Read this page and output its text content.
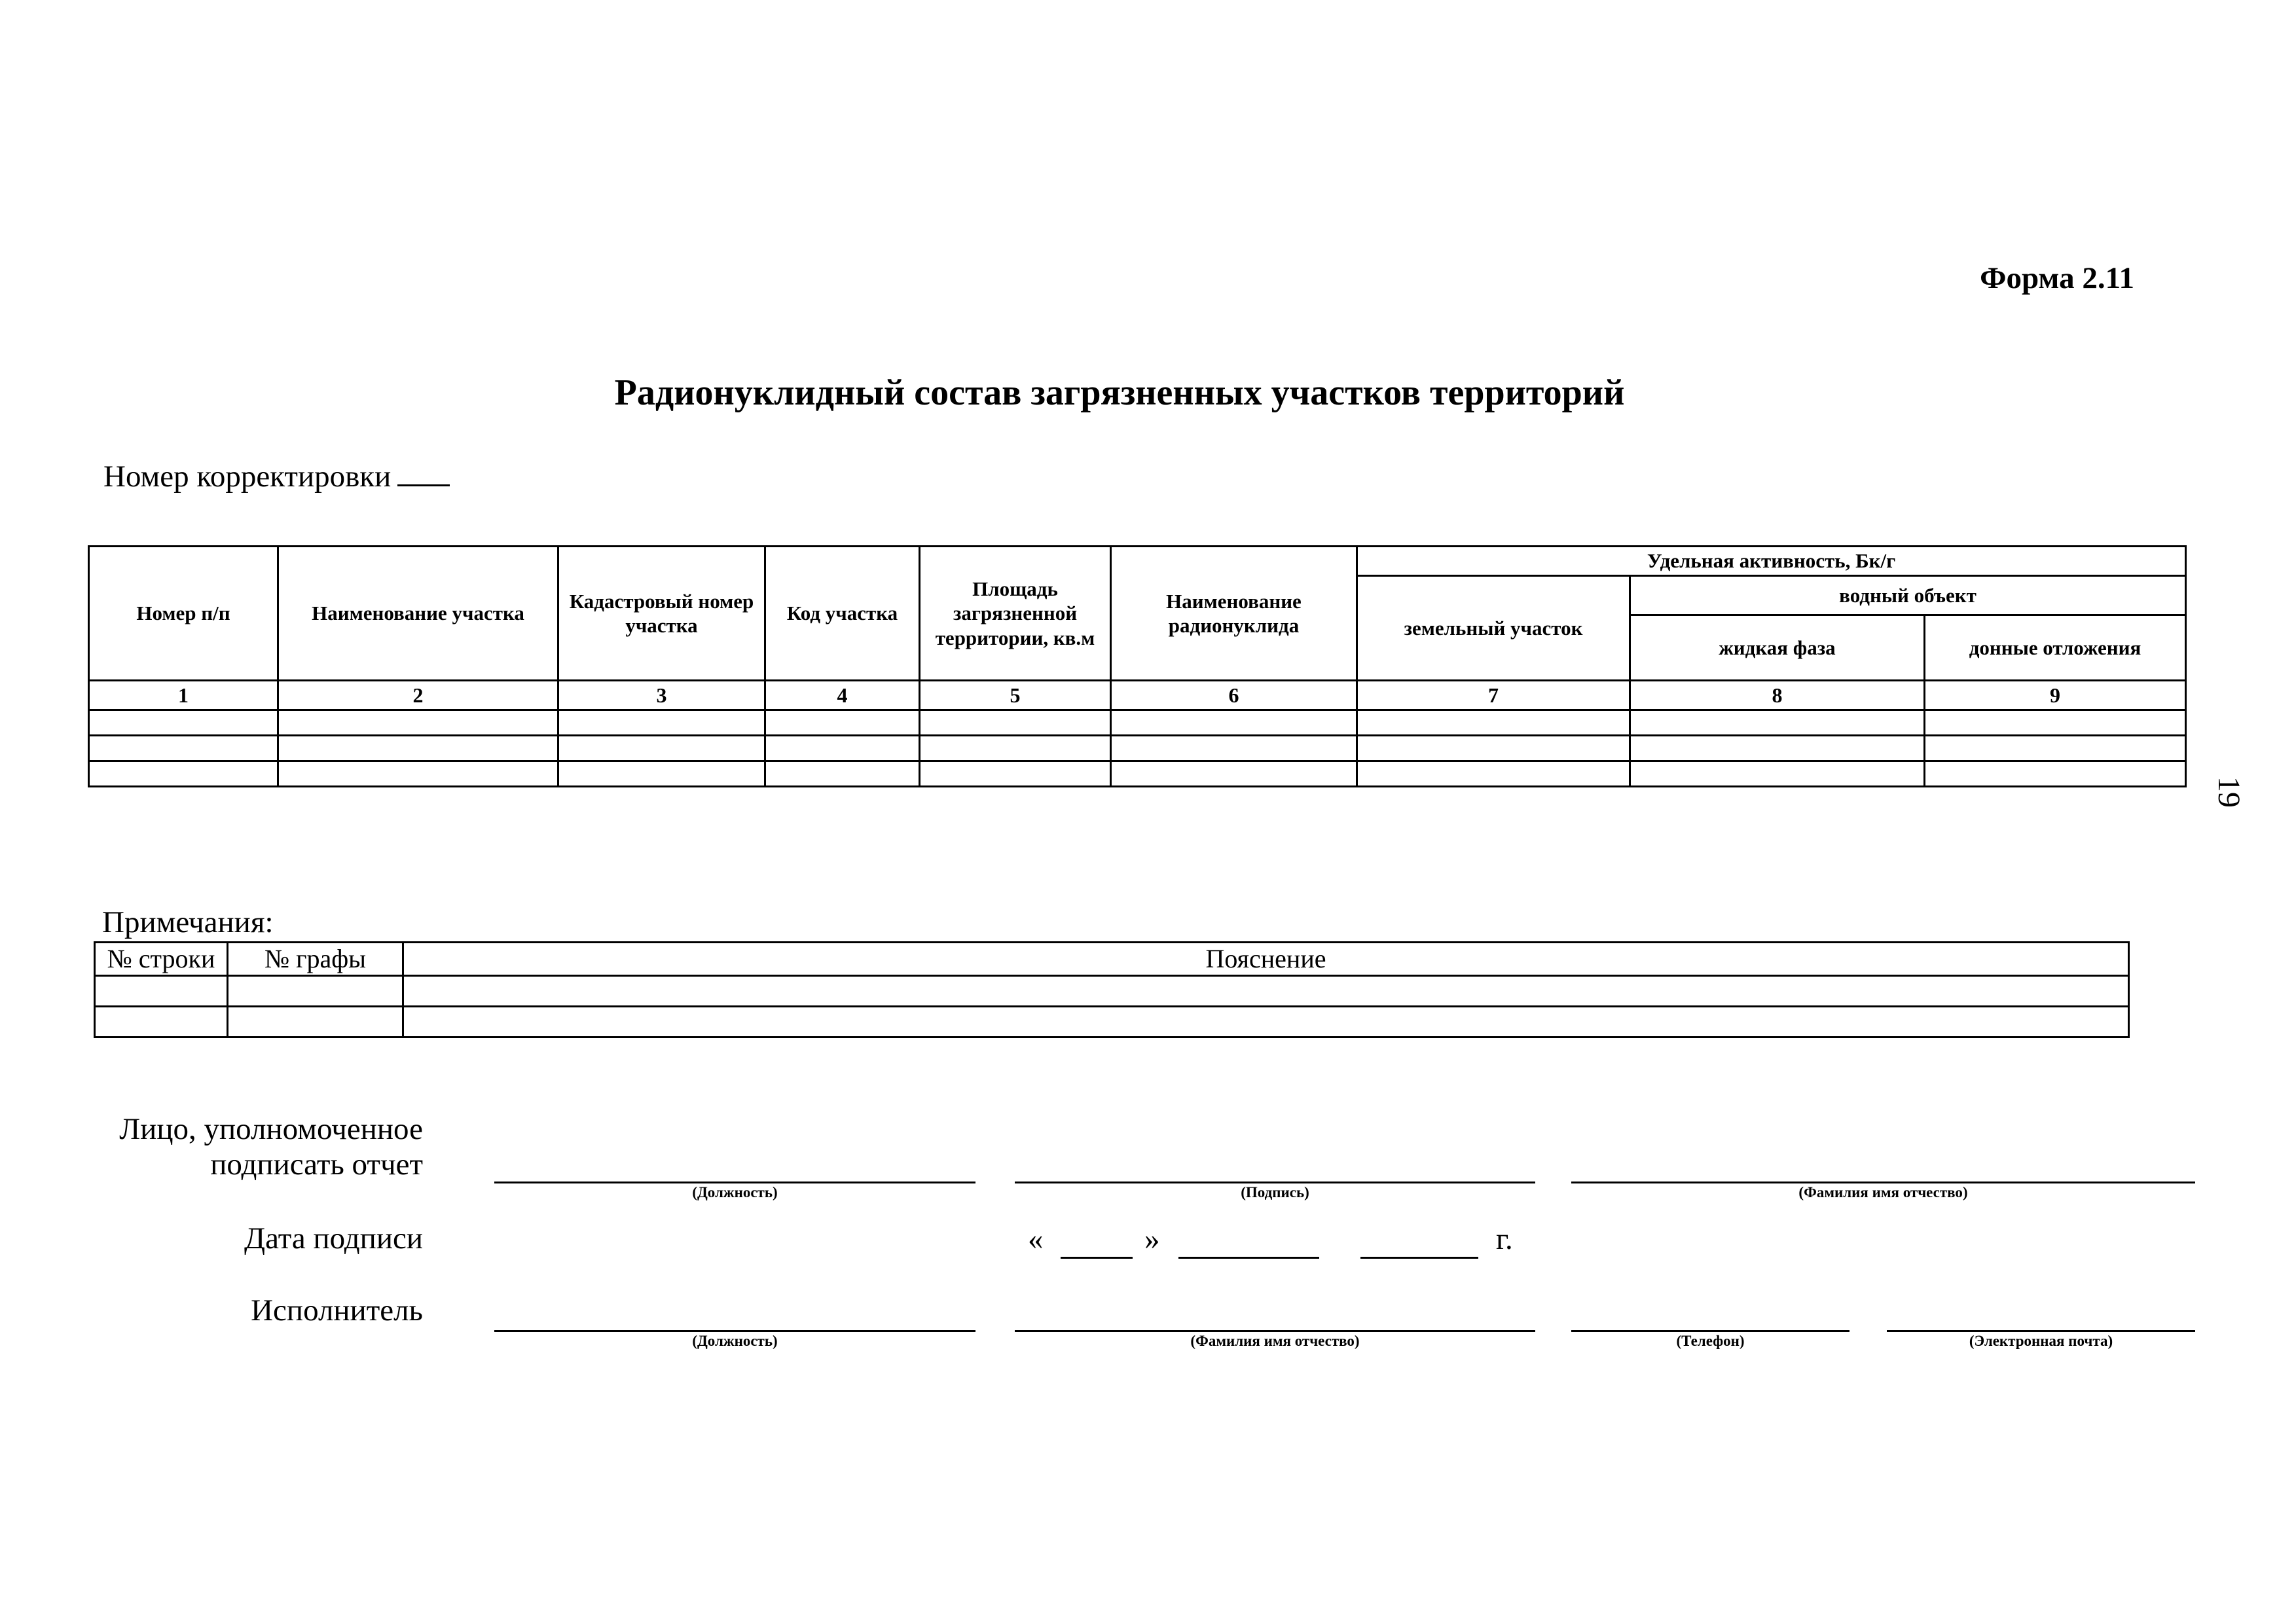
Форма 2.11
Радионуклидный состав загрязненных участков территорий
Номер корректировки
Номер п/п	Наименование участка	Кадастровый номер участка	Код участка	Площадь загрязненной территории, кв.м	Наименование радионуклида	Удельная активность, Бк/г		
						земельный участок	водный объект	
							жидкая фаза	донные отложения
1	2	3	4	5	6	7	8	9

19
Примечания:
№ строки	№ графы	Пояснение

Лицо, уполномоченное подписать отчет
(Должность)	(Подпись)	(Фамилия имя отчество)
Дата подписи	«	»	г.
Исполнитель
(Должность)	(Фамилия имя отчество)	(Телефон)	(Электронная почта)
